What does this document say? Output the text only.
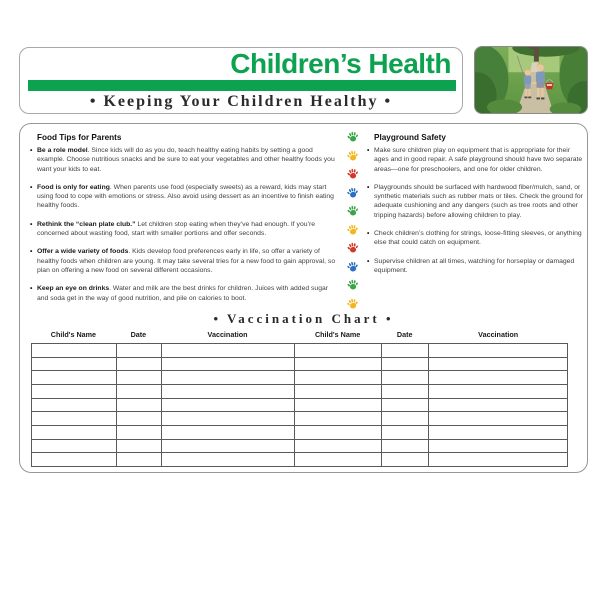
Children’s Health
• Keeping Your Children Healthy •
Food Tips for Parents
• Be a role model. Since kids will do as you do, teach healthy eating habits by setting a good example. Choose nutritious snacks and be sure to eat your vegetables and other healthy foods you want your kids to eat.
• Food is only for eating. When parents use food (especially sweets) as a reward, kids may start using food to cope with emotions or stress. Also avoid using dessert as an incentive to finish eating healthy foods.
• Rethink the “clean plate club.” Let children stop eating when they’ve had enough. If you’re concerned about wasting food, start with smaller portions and offer seconds.
• Offer a wide variety of foods. Kids develop food preferences early in life, so offer a variety of healthy foods when children are young. It may take several tries for a new food to gain approval, so plan on offering a new food on several different occasions.
• Keep an eye on drinks. Water and milk are the best drinks for children. Juices with added sugar and soda get in the way of good nutrition, and pile on calories to boot.
Playground Safety
• Make sure children play on equipment that is appropriate for their ages and in good repair. A safe playground should have two separate areas—one for preschoolers, and one for older children.
• Playgrounds should be surfaced with hardwood fiber/mulch, sand, or synthetic materials such as rubber mats or tiles. Check the ground for adequate cushioning and any dangers (such as tree roots and other tripping hazards) before allowing children to play.
• Check children’s clothing for strings, loose-fitting sleeves, or anything else that could catch on equipment.
• Supervise children at all times, watching for horseplay or damaged equipment.
• Vaccination Chart •
Child's Name	Date	Vaccination	Child's Name	Date	Vaccination
